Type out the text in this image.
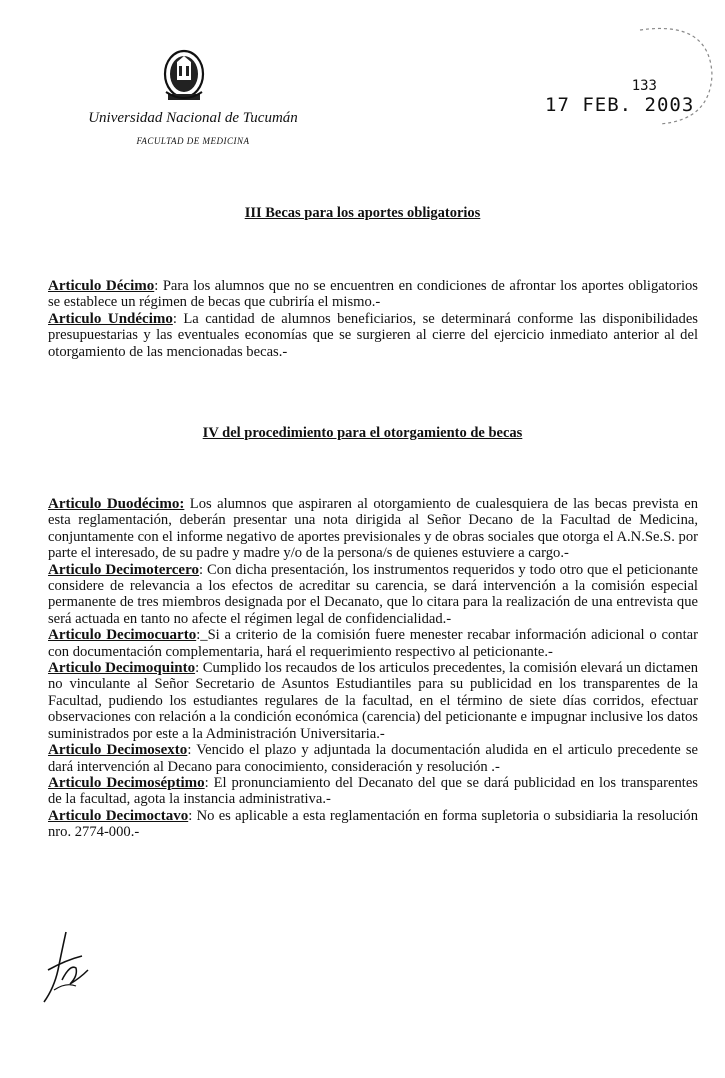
Universidad Nacional de Tucumán
FACULTAD DE MEDICINA
133
17 FEB. 2003
III Becas para los aportes obligatorios

Articulo Décimo: Para los alumnos que no se encuentren en condiciones de afrontar los aportes obligatorios se establece un régimen de becas que cubriría el mismo.-

Articulo Undécimo: La cantidad de alumnos beneficiarios, se determinará conforme las disponibilidades presupuestarias y las eventuales economías que se surgieren al cierre del ejercicio inmediato anterior al del otorgamiento de las mencionadas becas.-

IV del procedimiento para el otorgamiento de becas

Articulo Duodécimo: Los alumnos que aspiraren al otorgamiento de cualesquiera de las becas prevista en esta reglamentación, deberán presentar una nota dirigida al Señor Decano de la Facultad de Medicina, conjuntamente con el informe negativo de aportes previsionales y de obras sociales que otorga el A.N.Se.S. por parte el interesado, de su padre y madre y/o de la persona/s de quienes estuviere a cargo.-

Articulo Decimotercero: Con dicha presentación, los instrumentos requeridos y todo otro que el peticionante considere de relevancia a los efectos de acreditar su carencia, se dará intervención a la comisión especial permanente de tres miembros designada por el Decanato, que lo citara para la realización de una entrevista que será actuada en tanto no afecte el régimen legal de confidencialidad.-

Articulo Decimocuarto:_Si a criterio de la comisión fuere menester recabar información adicional o contar con documentación complementaria, hará el requerimiento respectivo al peticionante.-

Articulo Decimoquinto: Cumplido los recaudos de los articulos precedentes, la comisión elevará un dictamen no vinculante al Señor Secretario de Asuntos Estudiantiles para su publicidad en los transparentes de la Facultad, pudiendo los estudiantes regulares de la facultad, en el término de siete días corridos, efectuar observaciones con relación a la condición económica (carencia) del peticionante e impugnar inclusive los datos suministrados por este a la Administración Universitaria.-

Articulo Decimosexto: Vencido el plazo y adjuntada la documentación aludida en el articulo precedente se dará intervención al Decano para conocimiento, consideración y resolución .-

Articulo Decimoséptimo: El pronunciamiento del Decanato del que se dará publicidad en los transparentes de la facultad, agota la instancia administrativa.-

Articulo Decimoctavo: No es aplicable a esta reglamentación en forma supletoria o subsidiaria la resolución nro. 2774-000.-
